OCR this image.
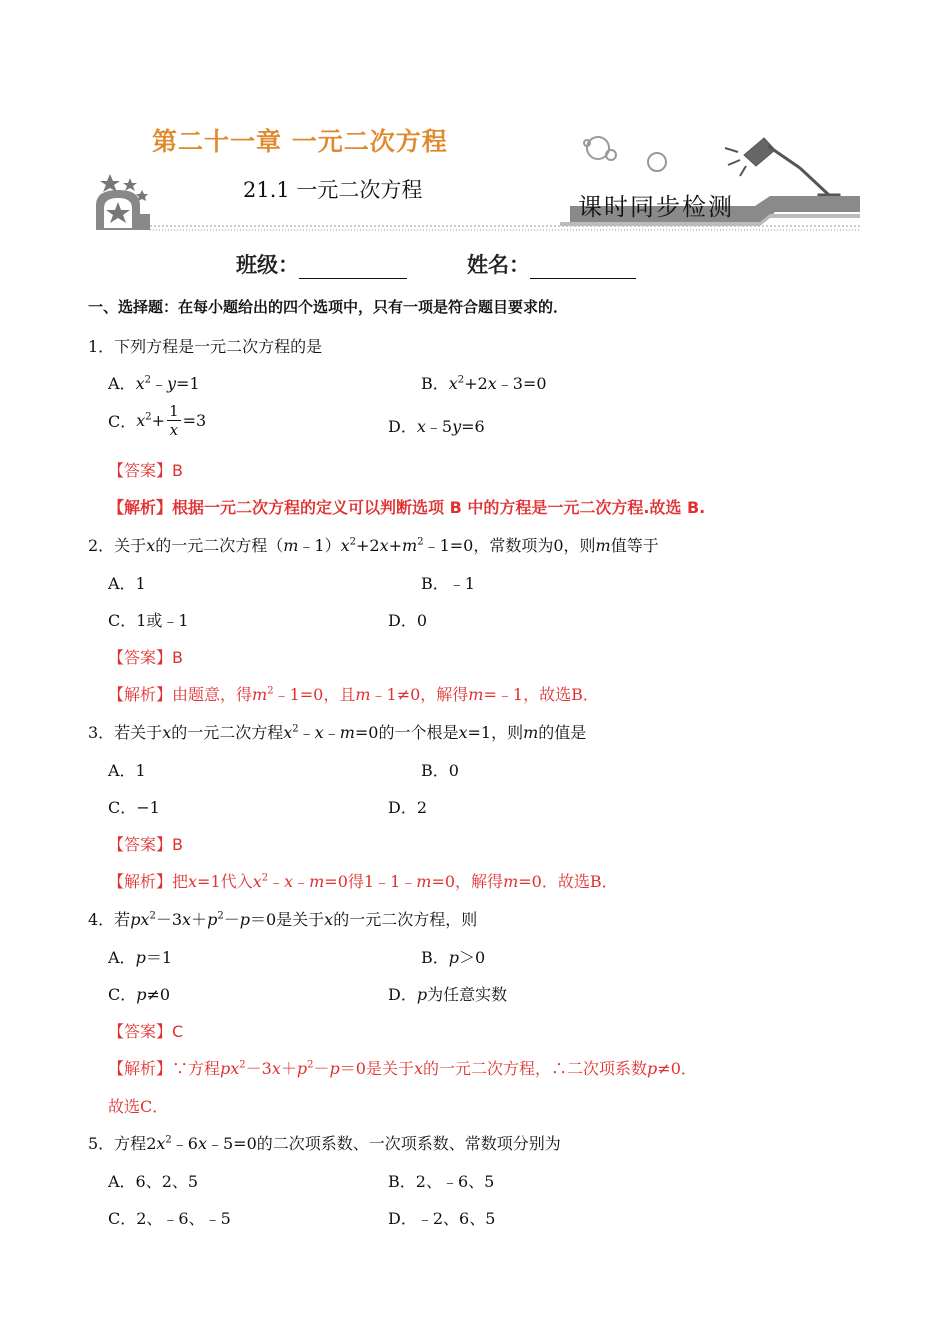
第二十一章 一元二次方程
21.1 一元二次方程
课时同步检测
班级：	姓名：
一、选择题：在每小题给出的四个选项中，只有一项是符合题目要求的．
1．下列方程是一元二次方程的是
A．$x^2﹣y=1$	B．$x^2+2x﹣3=0$
C．$x^2+ \frac{1}{x} =3$	D．x﹣5y=6
【答案】B
【解析】根据一元二次方程的定义可以判断选项 B 中的方程是一元二次方程.故选 B.
2．关于x的一元二次方程$(m﹣1)x^2+2x+m^2﹣1=0$，常数项为0，则m值等于
A．1	B．﹣1
C．1或﹣1	D．0
【答案】B
【解析】由题意，得$m^2﹣1=0$，且m﹣1≠0，解得m=﹣1，故选B．
3．若关于x的一元二次方程$x^2﹣x﹣m=0$的一个根是x=1，则m的值是
A．1	B．0
C．−1	D．2
【答案】B
【解析】把x=1代入$x^2﹣x﹣m=0$得1﹣1﹣m=0，解得m=0．故选B．
4．若$px^2-3x+p^2-p=0$是关于x的一元二次方程，则
A．p＝1	B．p＞0
C．p≠0	D．p为任意实数
【答案】C
【解析】∵方程$px^2-3x+p^2-p=0$是关于x的一元二次方程，∴二次项系数p≠0．
故选C．
5．方程$2x^2﹣6x﹣5=0$的二次项系数、一次项系数、常数项分别为
A．6、2、5	B．2、﹣6、5
C．2、﹣6、﹣5	D．﹣2、6、5
